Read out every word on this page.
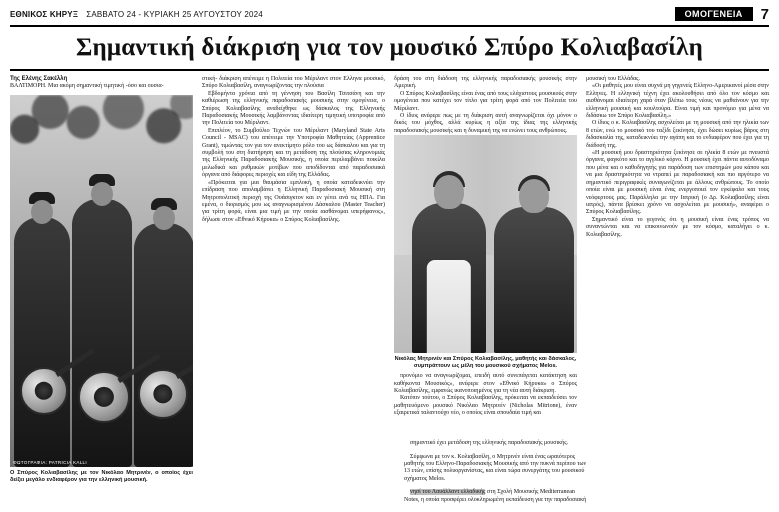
ΕΘΝΙΚΟΣ ΚΗΡΥΞ ΣΑΒΒΑΤΟ 24 - ΚΥΡΙΑΚΗ 25 ΑΥΓΟΥΣΤΟΥ 2024	ΟΜΟΓΕΝΕΙΑ	7
Σημαντική διάκριση για τον μουσικό Σπύρο Κολιαβασίλη
Της Ελένης Σακέλλη

ΒΑΛΤΙΜΟΡΗ. Μια ακόμη σημαντική τιμητική -όσο και ουσια-

ΦΩΤΟΓΡΑΦΙΑ: PATRICIA KALLI
Ο Σπύρος Κολιαβασίλης με τον Νικόλαο Μητρινέν, ο οποίος έχει δείξει μεγάλο ενδιαφέρον για την ελληνική μουσική.

στική- διάκριση απένειμε η Πολιτεία του Μέριλαντ στον Ελληνα μουσικό, Σπύρο Κολιαβασίλη, αναγνωρίζοντας την πλούσια

Εβδομήντα χρόνια από τη γέννηση του Βασίλη Τσιτσάνη και την καθιέρωση της ελληνικής παραδοσιακής μουσικής στην ομογένεια, ο Σπύρος Κολιαβασίλης αναδείχθηκε ως δάσκαλος της Ελληνικής Παραδοσιακής Μουσικής λαμβάνοντας ιδιαίτερη τιμητική υποτροφία από την Πολιτεία του Μέριλαντ.

Επιπλέον, το Συμβούλιο Τεχνών του Μέριλαντ (Maryland State Arts Council - MSAC) του απένειμε την Υποτροφία Μαθητείας (Apprentice Grant), τιμώντας τον για τον ανεκτίμητο ρόλο του ως δάσκαλου και για τη συμβολή του στη διατήρηση και τη μετάδοση της πλούσιας κληρονομιάς της Ελληνικής Παραδοσιακής Μουσικής, η οποία περιλαμβάνει ποικίλα μελωδικά και ρυθμικών μοτίβων που αποδίδονται από παραδοσιακά όργανα από διάφορες περιοχές και είδη της Ελλάδας.

«Πρόκειται για μια θαυμάσια εμπλοκή, η οποία καταδεικνύει την επίδραση που απολαμβάνει η Ελληνική Παραδοσιακή Μουσική στη Μητροπολιτική περιοχή της Ουάσιγκτον και εν γένει ανά τις ΗΠΑ. Για εμένα, ο διορισμός μου ως αναγνωρισμένου Δάσκαλου (Master Teacher) για τρίτη φορά, είναι μια τιμή με την οποία αισθάνομαι υπερήφανος», δήλωσε στον «Εθνικό Κήρυκα» ο Σπύρος Κολιαβασίλης.

δράση του στη διάδοση της ελληνικής παραδοσιακής μουσικής στην Αμερική.

Ο Σπύρος Κολιαβασίλης είναι ένας από τους ελάχιστους μουσικούς στην ομογένεια που κατέχει τον τίτλο για τρίτη φορά από τον Πολιτεία του Μέριλαντ.

Ο ίδιος ανέφερε πως με τη διάκριση αυτή αναγνωρίζεται όχι μόνον ο δικός του μόχθος, αλλά κυρίως η αξία της ίδιας της ελληνικής παραδοσιακής μουσικής και η δυναμική της να ενώνει τους ανθρώπους.

Νικόλας Μητρινέν και Σπύρος Κολιαβασίλης, μαθητής και δάσκαλος, συμπράττουν ως μέλη του μουσικού σχήματος Melos.

προνόμιο να αναγνωρίζομαι, επειδή αυτό συνεπάγεται κατάκτηση και καθήκοντα Μουσικός», ανέφερε στον «Εθνικό Κήρυκα» ο Σπύρος Κολιαβασίλης, εμφανώς ικανοποιημένος για τη νέα αυτή διάκριση.

Κατόπιν τούτου, ο Σπύρος Κολιαβασίλης, πρόκειται να εκπαιδεύσει τον μαθητευόμενο μουσικό Νικόλαο Μητρινέν (Nicholas Mitrione), έναν εξαιρετικά ταλαντούχο νέο, ο οποίος είναι σπουδαία τιμή και

μουσική του Ελλάδας.

«Οι μαθητές μου είναι συχνά μη γηγενείς Ελληνο-Αμερικανοί μέσα στην Ελληνες. Η ελληνική τέχνη έχει ακολουθήσει από όλο τον κόσμο και αισθάνομαι ιδιαίτερη χαρά όταν βλέπω τους νέους να μαθαίνουν για την ελληνική μουσική και κουλτούρα. Είναι τιμή και προνόμιο για μένα να διδάσκω τον Σπύρο Κολιαβασίλη.»

Ο ίδιος ο κ. Κολιαβασίλης ασχολείται με τη μουσική από την ηλικία των 8 ετών, ενώ το μουσικό του ταξίδι ξεκίνησε, έχει δώσει κυρίως βάρος στη διδασκαλία της, καταδεικνύει την αγάπη και το ενδιαφέρον που έχει για τη διάδοσή της.

«Η μουσική μου δραστηριότητα ξεκίνησε σε ηλικία 8 ετών με πνευστά όργανα, φαγκότο και το αγγλικό κόρνο. Η μουσική έχει πάντα αυτοδύναμο που μένα και ο καθοδηγητής για παράδοση των επιστημών μου κάπου και να μια δραστηριότητα να ντραπεί με παραδοσιακή και πιο αργότερο να σημαντικό περιγραφικές συναγωνίζεται με άλλους ανθρώπους. Το οποίο οποία είναι με μουσική είναι ένας ενεργοποιεί τον εγκέφαλο και τους νεόφερτους μας. Παράλληλα με την Ιατρική (ο Δρ. Κολιαβασίλης είναι ιατρός), πάντα βρίσκει χρόνο να ασχολείται με μουσική», αναφέρει ο Σπύρος Κολιαβασίλης.

Σημαντικό είναι το γεγονός ότι η μουσική είναι ένας τρόπος να συναντώνται και να επικοινωνούν με τον κόσμο, καταλήγει ο κ. Κολιαβασίλης.

σημαντικό έχει μετάδοση της ελληνικής παραδοσιακής μουσικής.

Σύμφωνα με τον κ. Κολιαβασίλη, ο Μητρινέν είναι ένας ωραιότερος μαθητής του Ελληνο-Παραδοσιακής Μουσικής από την πυκνά περίπου των 13 ετών, επίσης πολυοργανίστας, και είναι τώρα συνεργάτης του μουσικού σχήματος Melos.

νησί του Λαυάλλαντ ελλαδικής στη Σχολή Μουσικής Mediterranean Notes, η οποία προσφέρει ολοκληρωμένη εκπαίδευση για την παραδοσιακή
